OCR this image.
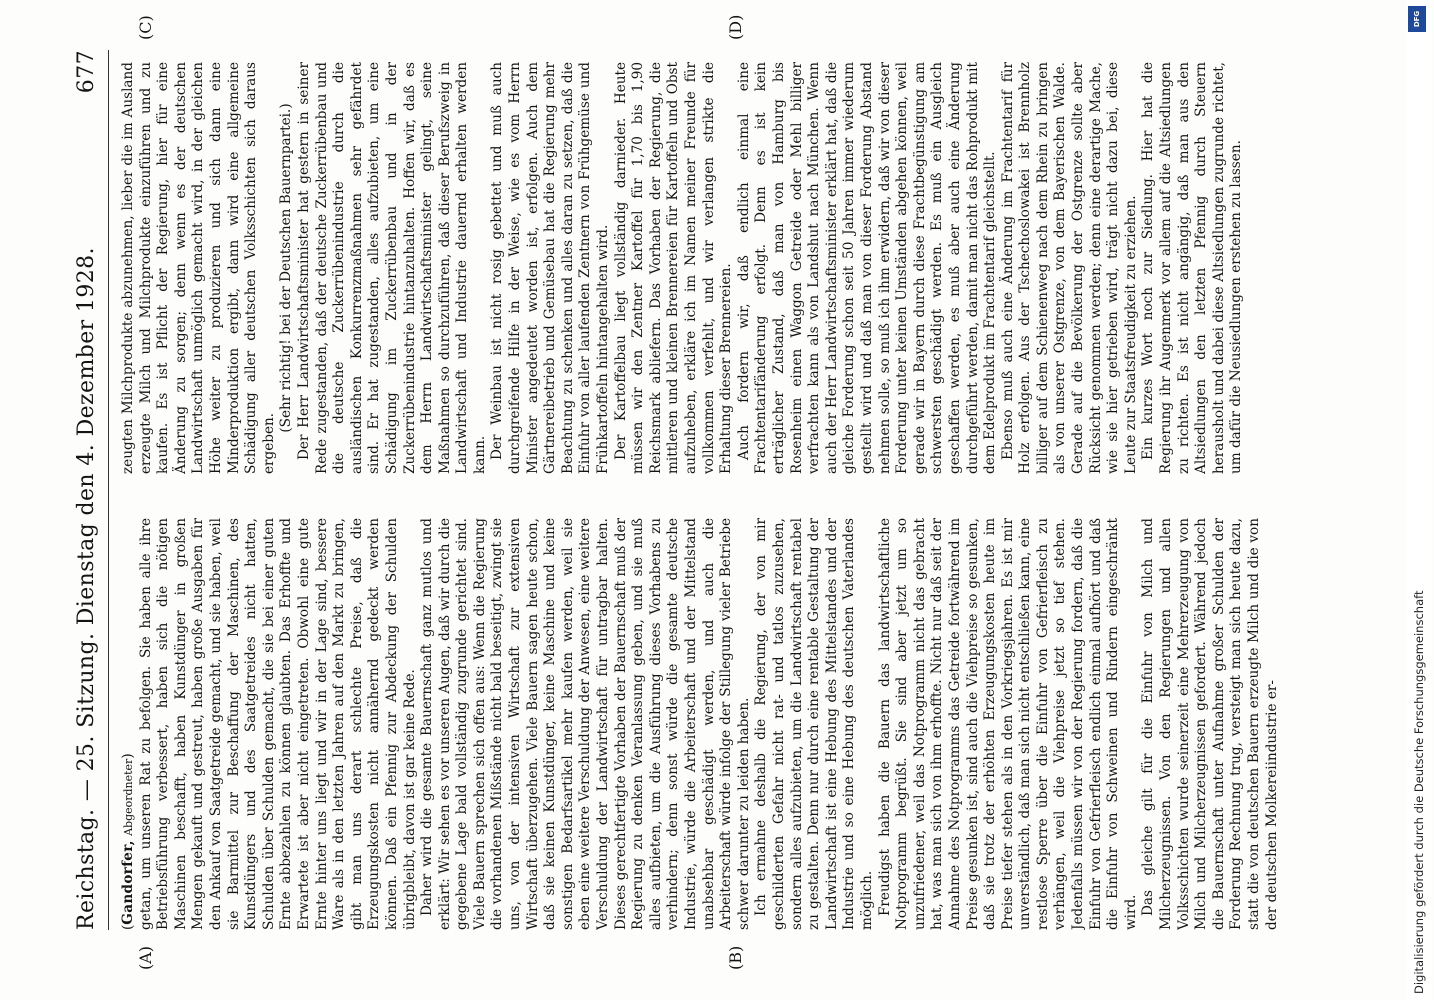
Reichstag. — 25. Sitzung. Dienstag den 4. Dezember 1928.
677
(A)	(B)
(C)	(D)

(Gandorfer, Abgeordneter) getan, um unseren Rat zu befolgen. Sie haben alle ihre Betriebsführung verbessert, haben sich die nötigen Maschinen beschafft, haben Kunstdünger in großen Mengen gekauft und gestreut, haben große Ausgaben für den Ankauf von Saatgetreide gemacht, und sie haben, weil sie Barmittel zur Beschaffung der Maschinen, des Kunstdüngers und des Saatgetreides nicht hatten, Schulden über Schulden gemacht, die sie bei einer guten Ernte abbezahlen zu können glaubten. Das Erhoffte und Erwartete ist aber nicht eingetreten. Obwohl eine gute Ernte hinter uns liegt und wir in der Lage sind, bessere Ware als in den letzten Jahren auf den Markt zu bringen, gibt man uns derart schlechte Preise, daß die Erzeugungskosten nicht annähernd gedeckt werden können. Daß ein Pfennig zur Abdeckung der Schulden übrigbleibt, davon ist gar keine Rede. Daher wird die gesamte Bauernschaft ganz mutlos und erklärt: Wir sehen es vor unseren Augen, daß wir durch die gegebene Lage bald vollständig zugrunde gerichtet sind. Viele Bauern sprechen sich offen aus: Wenn die Regierung die vorhandenen Mißstände nicht bald beseitigt, zwingt sie uns, von der intensiven Wirtschaft zur extensiven Wirtschaft überzugehen. Viele Bauern sagen heute schon, daß sie keinen Kunstdünger, keine Maschine und keine sonstigen Bedarfsartikel mehr kaufen werden, weil sie eben eine weitere Verschuldung der Anwesen, eine weitere Verschuldung der Landwirtschaft für untragbar halten. Dieses gerechtfertigte Vorhaben der Bauernschaft muß der Regierung zu denken Veranlassung geben, und sie muß alles aufbieten, um die Ausführung dieses Vorhabens zu verhindern; denn sonst würde die gesamte deutsche Industrie, würde die Arbeiterschaft und der Mittelstand unabsehbar geschädigt werden, und auch die Arbeiterschaft würde infolge der Stillegung vieler Betriebe schwer darunter zu leiden haben. Ich ermahne deshalb die Regierung, der von mir geschilderten Gefahr nicht rat- und tatlos zuzusehen, sondern alles aufzubieten, um die Landwirtschaft rentabel zu gestalten. Denn nur durch eine rentable Gestaltung der Landwirtschaft ist eine Hebung des Mittelstandes und der Industrie und so eine Hebung des deutschen Vaterlandes möglich. Freudigst haben die Bauern das landwirtschaftliche Notprogramm begrüßt. Sie sind aber jetzt um so unzufriedener, weil das Notprogramm nicht das gebracht hat, was man sich von ihm erhoffte. Nicht nur daß seit der Annahme des Notprogramms das Getreide fortwährend im Preise gesunken ist, sind auch die Viehpreise so gesunken, daß sie trotz der erhöhten Erzeugungskosten heute im Preise tiefer stehen als in den Vorkriegsjahren. Es ist mir unverständlich, daß man sich nicht entschließen kann, eine restlose Sperre über die Einfuhr von Gefrierfleisch zu verhängen, weil die Viehpreise jetzt so tief stehen. Jedenfalls müssen wir von der Regierung fordern, daß die Einfuhr von Gefrierfleisch endlich einmal aufhört und daß die Einfuhr von Schweinen und Rindern eingeschränkt wird. Das gleiche gilt für die Einfuhr von Milch und Milcherzeugnissen. Von den Regierungen und allen Volksschichten wurde seinerzeit eine Mehrerzeugung von Milch und Milcherzeugnissen gefordert. Während jedoch die Bauernschaft unter Aufnahme großer Schulden der Forderung Rechnung trug, versteigt man sich heute dazu, statt die von deutschen Bauern erzeugte Milch und die von der deutschen Molkereiindustrie er-

zeugten Milchprodukte abzunehmen, lieber die im Ausland erzeugte Milch und Milchprodukte einzuführen und zu kaufen. Es ist Pflicht der Regierung, hier für eine Änderung zu sorgen; denn wenn es der deutschen Landwirtschaft unmöglich gemacht wird, in der gleichen Höhe weiter zu produzieren und sich dann eine Minderproduktion ergibt, dann wird eine allgemeine Schädigung aller deutschen Volksschichten sich daraus ergeben.

(Sehr richtig! bei der Deutschen Bauernpartei.) Der Herr Landwirtschaftsminister hat gestern in seiner Rede zugestanden, daß der deutsche Zuckerrübenbau und die deutsche Zuckerrübenindustrie durch die ausländischen Konkurrenzmaßnahmen sehr gefährdet sind. Er hat zugestanden, alles aufzubieten, um eine Schädigung im Zuckerrübenbau und in der Zuckerrübenindustrie hintanzuhalten. Hoffen wir, daß es dem Herrn Landwirtschaftsminister gelingt, seine Maßnahmen so durchzuführen, daß dieser Berufszweig in Landwirtschaft und Industrie dauernd erhalten werden kann. Der Weinbau ist nicht rosig gebettet und muß auch durchgreifende Hilfe in der Weise, wie es vom Herrn Minister angedeutet worden ist, erfolgen. Auch dem Gärtnereibetrieb und Gemüsebau hat die Regierung mehr Beachtung zu schenken und alles daran zu setzen, daß die Einfuhr von aller laufenden Zentnern von Frühgemüse und Frühkartoffeln hintangehalten wird. Der Kartoffelbau liegt vollständig darnieder. Heute müssen wir den Zentner Kartoffel für 1,70 bis 1,90 Reichsmark abliefern. Das Vorhaben der Regierung, die mittleren und kleinen Brennereien für Kartoffeln und Obst aufzuheben, erkläre ich im Namen meiner Freunde für vollkommen verfehlt, und wir verlangen strikte die Erhaltung dieser Brennereien. Auch fordern wir, daß endlich einmal eine Frachtentarifänderung erfolgt. Denn es ist kein erträglicher Zustand, daß man von Hamburg bis Rosenheim einen Waggon Getreide oder Mehl billiger verfrachten kann als von Landshut nach München. Wenn auch der Herr Landwirtschaftsminister erklärt hat, daß die gleiche Forderung schon seit 50 Jahren immer wiederum gestellt wird und daß man von dieser Forderung Abstand nehmen solle, so muß ich ihm erwidern, daß wir von dieser Forderung unter keinen Umständen abgehen können, weil gerade wir in Bayern durch diese Frachtbegünstigung am schwersten geschädigt werden. Es muß ein Ausgleich geschaffen werden, es muß aber auch eine Änderung durchgeführt werden, damit man nicht das Rohprodukt mit dem Edelprodukt im Frachtentarif gleichstellt. Ebenso muß auch eine Änderung im Frachtentarif für Holz erfolgen. Aus der Tschechoslowakei ist Brennholz billiger auf dem Schienenweg nach dem Rhein zu bringen als von unserer Ostgrenze, von dem Bayerischen Walde. Gerade auf die Bevölkerung der Ostgrenze sollte aber Rücksicht genommen werden; denn eine derartige Mache, wie sie hier getrieben wird, trägt nicht dazu bei, diese Leute zur Staatsfreudigkeit zu erziehen. Ein kurzes Wort noch zur Siedlung. Hier hat die Regierung ihr Augenmerk vor allem auf die Altsiedlungen zu richten. Es ist nicht angängig, daß man aus den Altsiedlungen den letzten Pfennig durch Steuern herausholt und dabei diese Altsiedlungen zugrunde richtet, um dafür die Neusiedlungen erstehen zu lassen.

DFG
Digitalisierung gefördert durch die Deutsche Forschungsgemeinschaft
